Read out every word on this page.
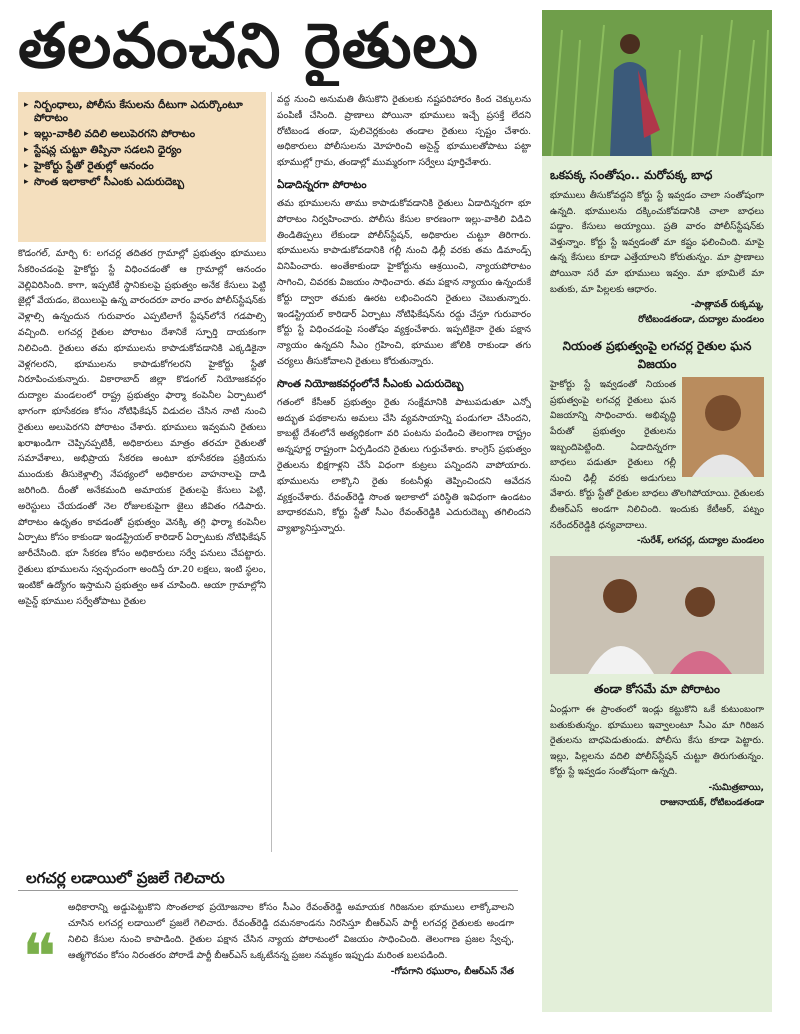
తలవంచని రైతులు
▸ నిర్బంధాలు, పోలీసు కేసులను దీటుగా ఎదుర్కొంటూ పోరాటం
▸ ఇల్లు-వాకిలి వదిలి అలుపెరగని పోరాటం
▸ స్టేషన్ల చుట్టూ తిప్పినా సడలని ధైర్యం
▸ హైకోర్టు స్టేతో రైతుల్లో ఆనందం
▸ సొంత ఇలాకాలో సీఎంకు ఎదురుదెబ్బ

కొడంగల్‌, మార్చి 6: లగచర్ల తదితర గ్రామాల్లో ప్రభుత్వం భూములు సేకరించడంపై హైకోర్టు స్టే విధించడంతో ఆ గ్రామాల్లో ఆనందం వెల్లివిరిసింది. కాగా, ఇప్పటికే స్థానికులపై ప్రభుత్వం అనేక కేసులు పెట్టి జైల్లో వేయడం, బెయిలుపై ఉన్న వారందరూ వారం వారం పోలీస్‌స్టేషన్‌కు వెళ్లాల్సి ఉన్నందున గురువారం ఎప్పటిలాగే స్టేషన్‌లోనే గడపాల్సి వచ్చింది. లగచర్ల రైతుల పోరాటం దేశానికే స్ఫూర్తి దాయకంగా నిలిచింది. రైతులు తమ భూములను కాపాడుకోవడానికి ఎక్కడికైనా వెళ్లగలరని, భూములను కాపాడుకోగలరని హైకోర్టు స్టేతో నిరూపించుకున్నారు. వికారాబాద్‌ జిల్లా కొడంగల్‌ నియోజకవర్గం దుద్యాల మండలంలో రాష్ట్ర ప్రభుత్వం ఫార్మా కంపెనీల ఏర్పాటులో భాగంగా భూసేకరణ కోసం నోటిఫికేషన్‌ విడుదల చేసిన నాటి నుంచి రైతులు అలుపెరగని పోరాటం చేశారు. భూములు ఇవ్వమని రైతులు ఖరాఖండిగా చెప్పినప్పటికీ, అధికారులు మాత్రం తరచూ రైతులతో సమావేశాలు, అభిప్రాయ సేకరణ అంటూ భూసేకరణ ప్రక్రియను ముందుకు తీసుకెళ్లాల్సి నేపథ్యంలో అధికారుల వాహనాలపై దాడి జరిగింది. దీంతో అనేకమంది అమాయక రైతులపై కేసులు పెట్టి, అరెస్టులు చేయడంతో నెల రోజులకుపైగా జైలు జీవితం గడిపారు. పోరాటం ఉధృతం కావడంతో ప్రభుత్వం వెనక్కి తగ్గి ఫార్మా కంపెనీల ఏర్పాటు కోసం కాకుండా ఇండస్ట్రియల్‌ కారిడార్‌ ఏర్పాటుకు నోటిఫికేషన్‌ జారీచేసింది. భూ సేకరణ కోసం అధికారులు సర్వే పనులు చేపట్టారు. రైతులు భూములను స్వచ్ఛందంగా అందిస్తే రూ.20 లక్షలు, ఇంటి స్థలం, ఇంటికో ఉద్యోగం ఇస్తామని ప్రభుత్వం ఆశ చూపింది. ఆయా గ్రామాల్లోని అసైన్డ్‌ భూముల సర్వేతోపాటు రైతుల

వద్ద నుంచి అనుమతి తీసుకొని రైతులకు నష్టపరిహారం కింద చెక్కులను పంపిణీ చేసింది. ప్రాణాలు పోయినా భూములు ఇచ్చే ప్రసక్తే లేదని రోటిబండ తండా, పులిచెర్లకుంట తండాల రైతులు స్పష్టం చేశారు. అధికారులు పోలీసులను మోహరించి అసైన్డ్‌ భూములతోపాటు పట్టా భూముల్లో గ్రామ, తండాల్లో ముమ్మరంగా సర్వేలు పూర్తిచేశారు.

ఏడాదిన్నరగా పోరాటం

తమ భూములను తాము కాపాడుకోవడానికి రైతులు ఏడాదిన్నరగా భూ పోరాటం నిర్వహించారు. పోలీసు కేసుల కారణంగా ఇల్లు-వాకిలి విడిచి తిండితిప్పలు లేకుండా పోలీస్‌స్టేషన్‌, అధికారుల చుట్టూ తిరిగారు. భూములను కాపాడుకోవడానికి గల్లీ నుంచి ఢిల్లీ వరకు తమ డిమాండ్స్‌ వినిపించారు. అంతేకాకుండా హైకోర్టును ఆశ్రయించి, న్యాయపోరాటం సాగించి, చివరకు విజయం సాధించారు. తమ పక్షాన న్యాయం ఉన్నందుకే కోర్టు ద్వారా తమకు ఊరట లభించిందని రైతులు చెబుతున్నారు. ఇండస్ట్రియల్‌ కారిడార్‌ ఏర్పాటు నోటిఫికేషన్‌ను రద్దు చేస్తూ గురువారం కోర్టు స్టే విధించడంపై సంతోషం వ్యక్తంచేశారు. ఇప్పటికైనా రైతు పక్షాన న్యాయం ఉన్నదని సీఎం గ్రహించి, భూముల జోలికి రాకుండా తగు చర్యలు తీసుకోవాలని రైతులు కోరుతున్నారు.

సొంత నియోజకవర్గంలోనే సీఎంకు ఎదురుదెబ్బ

గతంలో కేసీఆర్‌ ప్రభుత్వం రైతు సంక్షేమానికి పాటుపడుతూ ఎన్నో అద్భుత పథకాలను అమలు చేసి వ్యవసాయాన్ని పండుగలా చేసిందని, కాబట్టే దేశంలోనే అత్యధికంగా వరి పంటను పండించి తెలంగాణ రాష్ట్రం అన్నపూర్ణ రాష్ట్రంగా ఏర్పడిందని రైతులు గుర్తుచేశారు. కాంగ్రెస్‌ ప్రభుత్వం రైతులను భిక్షగాళ్లని చేసే విధంగా కుట్రలు పన్నిందని వాపోయారు. భూములను లాక్కొని రైతు కంటనీళ్లు తెప్పించిందని ఆవేదన వ్యక్తంచేశారు. రేవంత్‌రెడ్డి సొంత ఇలాకాలో పరిస్థితి ఇవిధంగా ఉండటం బాధాకరమని, కోర్టు స్టేతో సీఎం రేవంత్‌రెడ్డికి ఎదురుదెబ్బ తగిలిందని వ్యాఖ్యానిస్తున్నారు.

ఒకపక్క సంతోషం.. మరోపక్క బాధ
భూములు తీసుకోవద్దని కోర్టు స్టే ఇవ్వడం చాలా సంతోషంగా ఉన్నది. భూములను దక్కించుకోవడానికి చాలా బాధలు పడ్డాం. కేసులు అయ్యాయి. ప్రతి వారం పోలీస్‌స్టేషన్‌కు వెళ్తున్నాం. కోర్టు స్టే ఇవ్వడంతో మా కష్టం ఫలించింది. మాపై ఉన్న కేసులు కూడా ఎత్తేయాలని కోరుతున్నం. మా ప్రాణాలు పోయినా సరే మా భూములు ఇవ్వం. మా భూమిలే మా బతుకు, మా పిల్లలకు ఆధారం.
-పాత్లావత్‌ రుక్కమ్మ,
రోటిబండతండా, దుద్యాల మండలం
నియంత ప్రభుత్వంపై లగచర్ల రైతుల ఘన విజయం
హైకోర్టు స్టే ఇవ్వడంతో నియంత ప్రభుత్వంపై లగచర్ల రైతులు ఘన విజయాన్ని సాధించారు. అభివృద్ధి పేరుతో ప్రభుత్వం రైతులను ఇబ్బందిపెట్టింది. ఏడాదిన్నరగా బాధలు పడుతూ రైతులు గల్లీ నుంచి ఢిల్లీ వరకు అడుగులు వేశారు. కోర్టు స్టేతో రైతుల బాధలు తొలగిపోయాయి. రైతులకు బీఆర్‌ఎస్‌ అండగా నిలిచింది. ఇందుకు కేటీఆర్‌, పట్నం నరేందర్‌రెడ్డికి ధన్యవాదాలు.
-సురేశ్‌, లగచర్ల, దుద్యాల మండలం
తండా కోసమే మా పోరాటం
ఏండ్లుగా ఈ ప్రాంతంలో ఇండ్లు కట్టుకొని ఒకే కుటుంబంగా బతుకుతున్నం. భూములు ఇవ్వాలంటూ సీఎం మా గిరిజన రైతులను బాధపెడుతుండు. పోలీసు కేసు కూడా పెట్టారు. ఇల్లు, పిల్లలను వదిలి పోలీస్‌స్టేషన్‌ చుట్టూ తిరుగుతున్నం. కోర్టు స్టే ఇవ్వడం సంతోషంగా ఉన్నది.
-సుమిత్రబాయి,
రాజునాయక్‌, రోటిబండతండా
లగచర్ల లడాయిలో ప్రజలే గెలిచారు
❝
అధికారాన్ని అడ్డుపెట్టుకొని సొంతలాభ ప్రయోజనాల కోసం సీఎం రేవంత్‌రెడ్డి అమాయక గిరిజనుల భూములు లాక్కోవాలని చూసిన లగచర్ల లడాయిలో ప్రజలే గెలిచారు. రేవంత్‌రెడ్డి దమనకాండను నిరసిస్తూ బీఆర్‌ఎస్‌ పార్టీ లగచర్ల రైతులకు అండగా నిలిచి కేసుల నుంచి కాపాడింది. రైతుల పక్షాన చేసిన న్యాయ పోరాటంలో విజయం సాధించింది. తెలంగాణ ప్రజల స్వేచ్ఛ, ఆత్మగౌరవం కోసం నిరంతరం పోరాడే పార్టీ బీఆర్‌ఎస్‌ ఒక్కటేనన్న ప్రజల నమ్మకం ఇప్పుడు మరింత బలపడింది.
-గోపగాని రఘురాం, బీఆర్‌ఎస్‌ నేత
